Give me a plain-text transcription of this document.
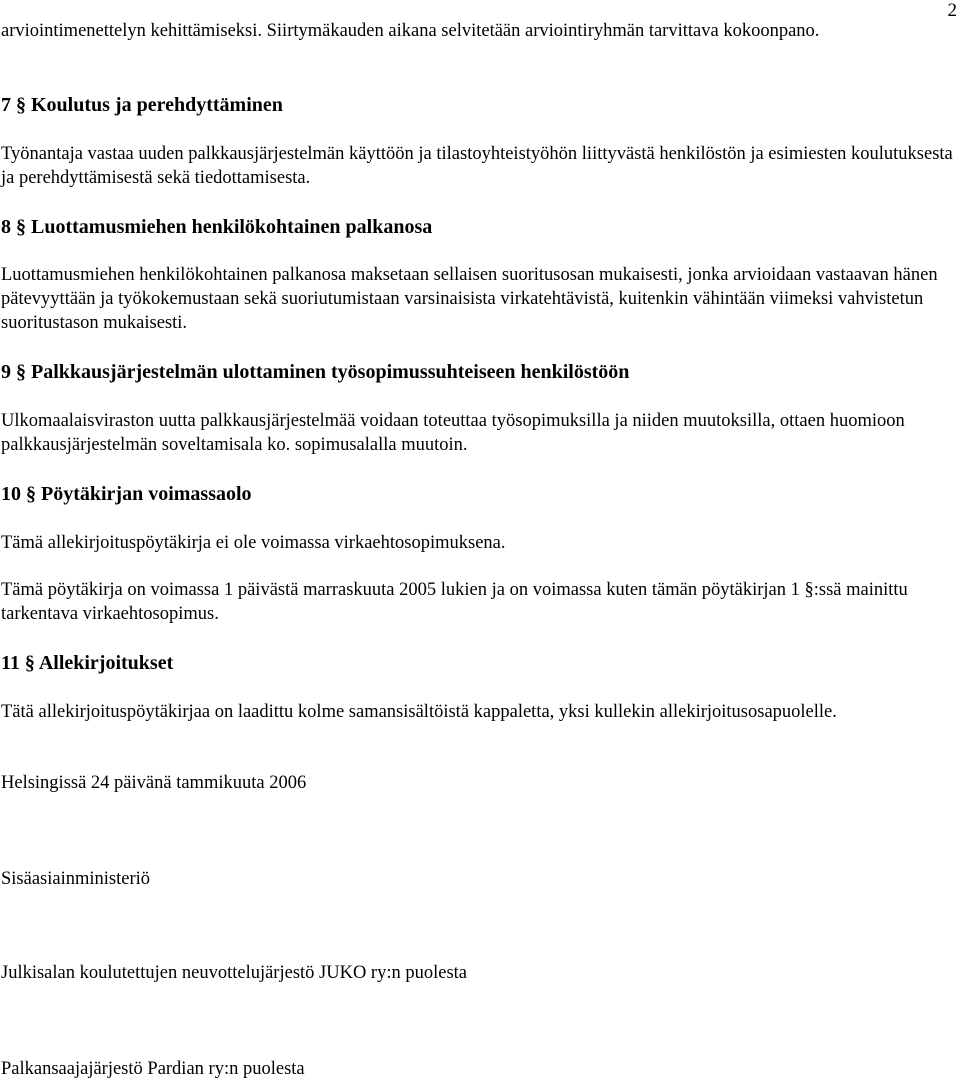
2

arviointimenettelyn kehittämiseksi. Siirtymäkauden aikana selvitetään arviointiryhmän tarvittava kokoonpano.

7 § Koulutus ja perehdyttäminen

Työnantaja vastaa uuden palkkausjärjestelmän käyttöön ja tilastoyhteistyöhön liittyvästä henkilöstön ja esimiesten koulutuksesta ja perehdyttämisestä sekä tiedottamisesta.

8 § Luottamusmiehen henkilökohtainen palkanosa

Luottamusmiehen henkilökohtainen palkanosa maksetaan sellaisen suoritusosan mukaisesti, jonka arvioidaan vastaavan hänen pätevyyttään ja työkokemustaan sekä suoriutumistaan varsinaisista virkatehtävistä, kuitenkin vähintään viimeksi vahvistetun suoritustason mukaisesti.

9 § Palkkausjärjestelmän ulottaminen työsopimussuhteiseen henkilöstöön

Ulkomaalaisviraston uutta palkkausjärjestelmää voidaan toteuttaa työsopimuksilla ja niiden muutoksilla, ottaen huomioon palkkausjärjestelmän soveltamisala ko. sopimusalalla muutoin.

10 § Pöytäkirjan voimassaolo

Tämä allekirjoituspöytäkirja ei ole voimassa virkaehtosopimuksena.

Tämä pöytäkirja on voimassa 1 päivästä marraskuuta 2005 lukien ja on voimassa kuten tämän pöytäkirjan 1 §:ssä mainittu tarkentava virkaehtosopimus.

11 § Allekirjoitukset

Tätä allekirjoituspöytäkirjaa on laadittu kolme samansisältöistä kappaletta, yksi kullekin allekirjoitusosapuolelle.

Helsingissä 24 päivänä tammikuuta 2006

Sisäasiainministeriö

Julkisalan koulutettujen neuvottelujärjestö JUKO ry:n puolesta

Palkansaajajärjestö Pardian ry:n puolesta
